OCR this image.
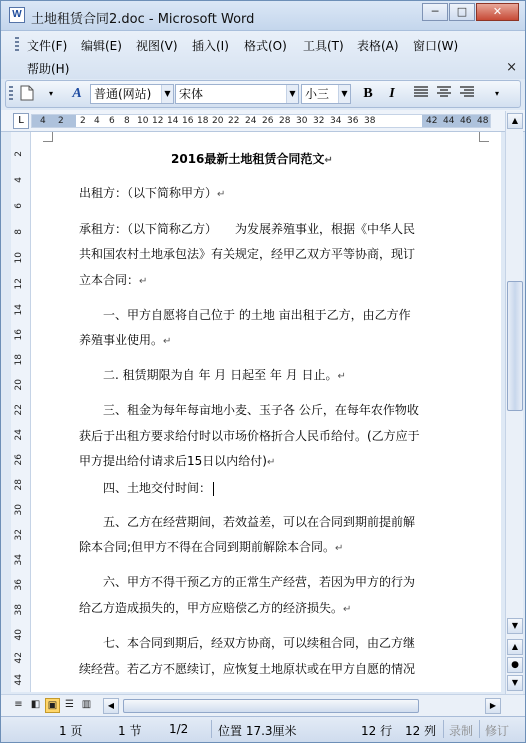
W 土地租赁合同2.doc - Microsoft Word
─	□	✕
文件(F) 编辑(E) 视图(V) 插入(I) 格式(O) 工具(T) 表格(A) 窗口(W)
帮助(H)	×
▾	A	普通(网站)	▼ 宋体	▼ 小三	▼	B	I	▾
L	4 2 2 4 6 8 10 12 14 16 18 20 22 24 26 28 30 32 34 36 38	42 44 46 48
2
4
6
8
10
12
14
16
18
20
22
24
26
28
30
32
34
36
38
40
42
44
2016最新土地租赁合同范文↵
出租方：（以下简称甲方）↵
承租方：（以下简称乙方）　　为发展养殖事业，根据《中华人民
共和国农村土地承包法》有关规定，经甲乙双方平等协商，现订
立本合同：↵
　　一、甲方自愿将自己位于 的土地 亩出租于乙方，由乙方作
养殖事业使用。↵
　　二. 租赁期限为自 年 月 日起至 年 月 日止。↵
　　三、租金为每年每亩地小麦、玉子各 公斤，在每年农作物收
获后于出租方要求给付时以市场价格折合人民币给付。(乙方应于
甲方提出给付请求后15日以内给付)↵
　　四、土地交付时间：
　　五、乙方在经营期间，若效益差，可以在合同到期前提前解
除本合同;但甲方不得在合同到期前解除本合同。↵
　　六、甲方不得干预乙方的正常生产经营，若因为甲方的行为
给乙方造成损失的，甲方应赔偿乙方的经济损失。↵
　　七、本合同到期后，经双方协商，可以续租合同，由乙方继
续经营。若乙方不愿续订，应恢复土地原状或在甲方自愿的情况
▲
▼
▲
●
▼
≡ ◧ ▣ ☰ ▥	◀	▶
1 页	1 节 1/2 位置 17.3厘米	12 行 12 列 录制 修订
